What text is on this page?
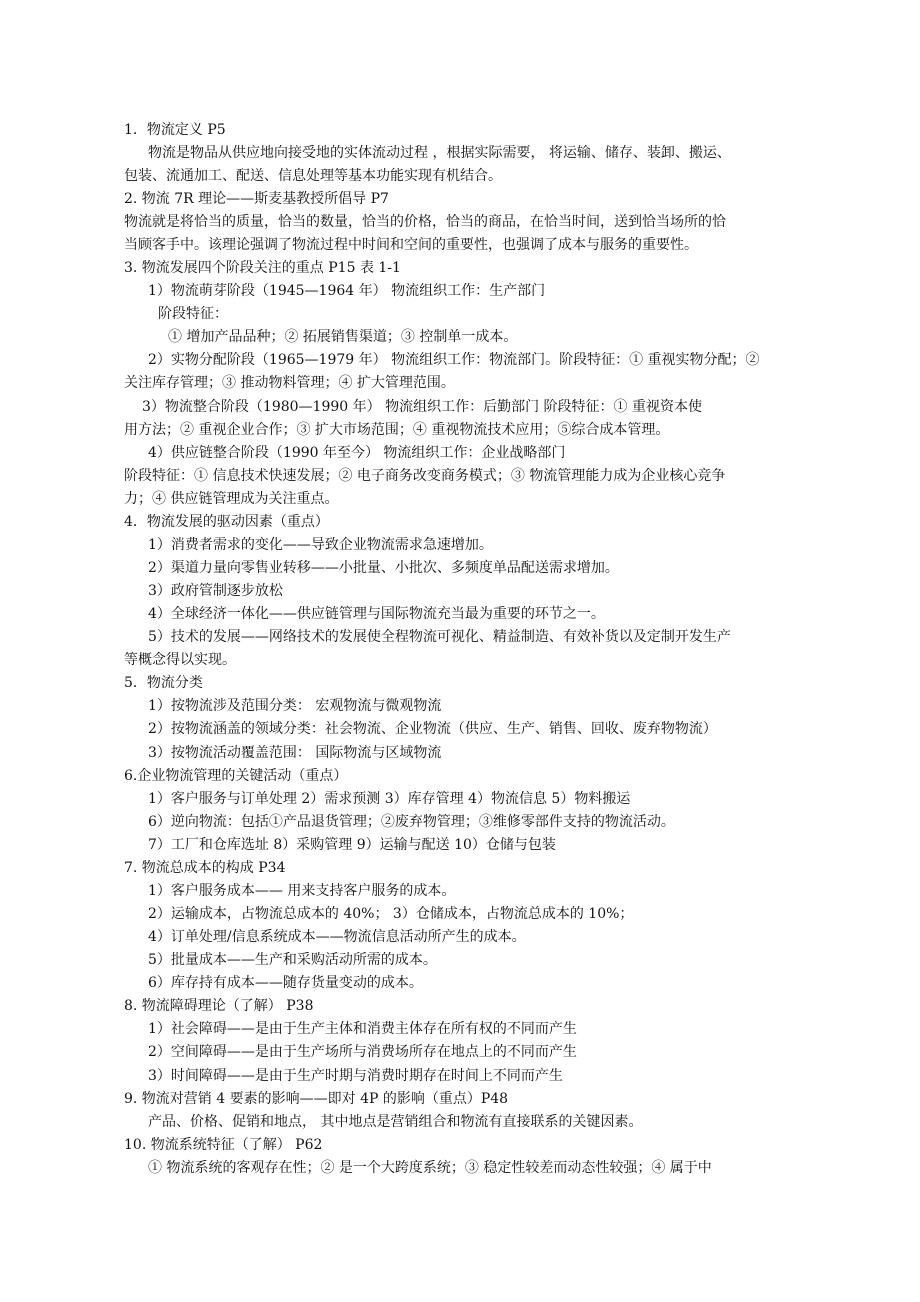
1．物流定义 P5
物流是物品从供应地向接受地的实体流动过程 ，根据实际需要， 将运输、储存、装卸、搬运、
包装、流通加工、配送、信息处理等基本功能实现有机结合。
2. 物流 7R 理论——斯麦基教授所倡导 P7
物流就是将恰当的质量，恰当的数量，恰当的价格，恰当的商品，在恰当时间，送到恰当场所的恰
当顾客手中。该理论强调了物流过程中时间和空间的重要性，也强调了成本与服务的重要性。
3. 物流发展四个阶段关注的重点 P15 表 1-1
1）物流萌芽阶段（1945—1964 年） 物流组织工作：生产部门
阶段特征：
① 增加产品品种；② 拓展销售渠道；③ 控制单一成本。
2）实物分配阶段（1965—1979 年） 物流组织工作：物流部门。阶段特征：① 重视实物分配；②
关注库存管理；③ 推动物料管理；④ 扩大管理范围。
3）物流整合阶段（1980—1990 年） 物流组织工作：后勤部门 阶段特征：① 重视资本使
用方法；② 重视企业合作；③ 扩大市场范围；④ 重视物流技术应用；⑤综合成本管理。
4）供应链整合阶段（1990 年至今） 物流组织工作：企业战略部门
阶段特征：① 信息技术快速发展；② 电子商务改变商务模式；③ 物流管理能力成为企业核心竞争
力；④ 供应链管理成为关注重点。
4．物流发展的驱动因素（重点）
1）消费者需求的变化——导致企业物流需求急速增加。
2）渠道力量向零售业转移——小批量、小批次、多频度单品配送需求增加。
3）政府管制逐步放松
4）全球经济一体化——供应链管理与国际物流充当最为重要的环节之一。
5）技术的发展——网络技术的发展使全程物流可视化、精益制造、有效补货以及定制开发生产
等概念得以实现。
5．物流分类
1）按物流涉及范围分类： 宏观物流与微观物流
2）按物流涵盖的领域分类：社会物流、企业物流（供应、生产、销售、回收、废弃物物流）
3）按物流活动覆盖范围： 国际物流与区域物流
6.企业物流管理的关键活动（重点）
1）客户服务与订单处理 2）需求预测 3）库存管理 4）物流信息 5）物料搬运
6）逆向物流：包括①产品退货管理；②废弃物管理；③维修零部件支持的物流活动。
7）工厂和仓库选址 8）采购管理 9）运输与配送 10）仓储与包装
7. 物流总成本的构成 P34
1）客户服务成本—— 用来支持客户服务的成本。
2）运输成本，占物流总成本的 40%； 3）仓储成本，占物流总成本的 10%；
4）订单处理/信息系统成本——物流信息活动所产生的成本。
5）批量成本——生产和采购活动所需的成本。
6）库存持有成本——随存货量变动的成本。
8. 物流障碍理论（了解） P38
1）社会障碍——是由于生产主体和消费主体存在所有权的不同而产生
2）空间障碍——是由于生产场所与消费场所存在地点上的不同而产生
3）时间障碍——是由于生产时期与消费时期存在时间上不同而产生
9. 物流对营销 4 要素的影响——即对 4P 的影响（重点）P48
产品、价格、促销和地点， 其中地点是营销组合和物流有直接联系的关键因素。
10. 物流系统特征（了解） P62
① 物流系统的客观存在性；② 是一个大跨度系统；③ 稳定性较差而动态性较强；④ 属于中
